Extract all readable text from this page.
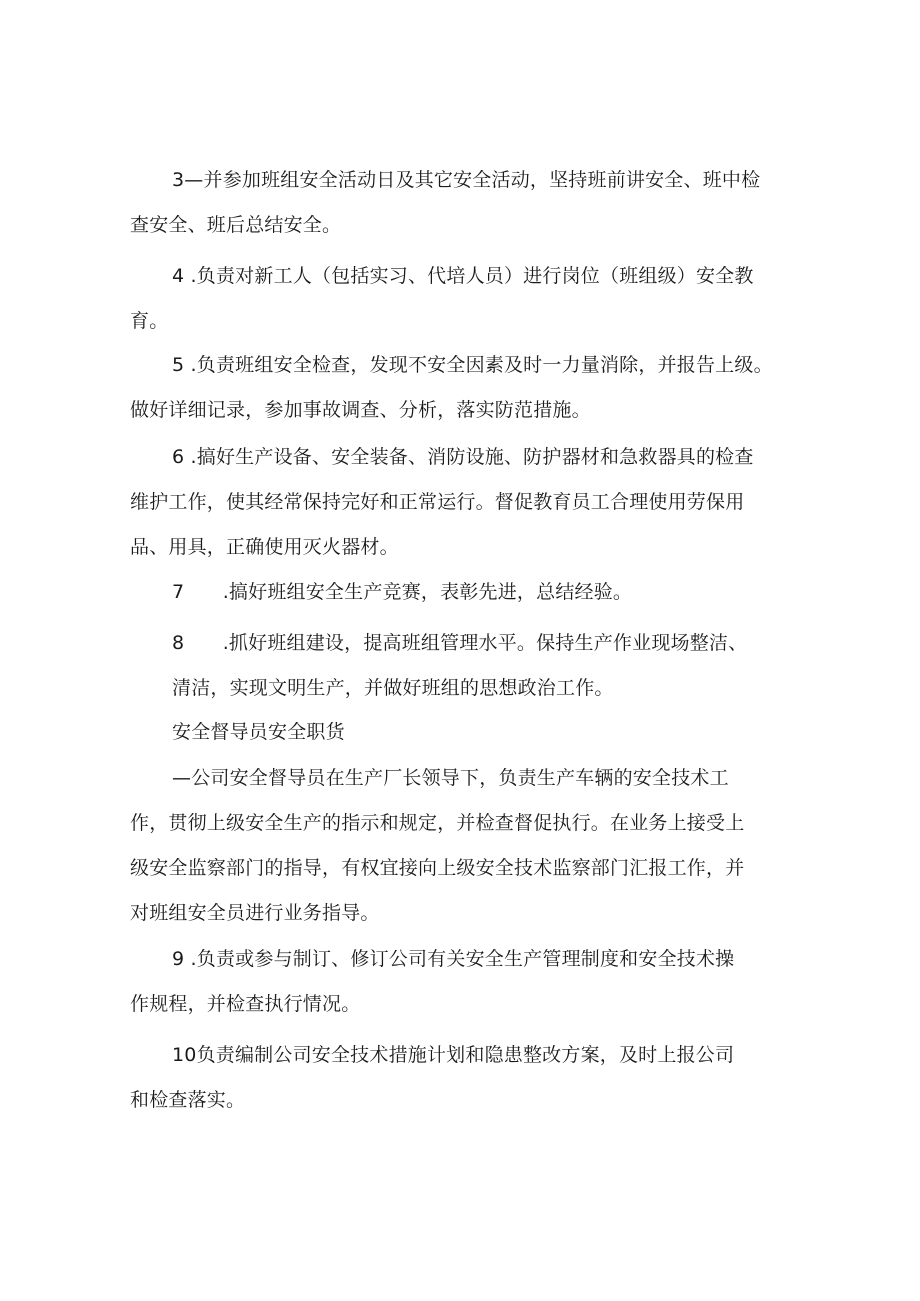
3—并参加班组安全活动日及其它安全活动，坚持班前讲安全、班中检
查安全、班后总结安全。
4 .负责对新工人（包括实习、代培人员）进行岗位（班组级）安全教
育。
5 .负责班组安全检查，发现不安全因素及时一力量消除，并报告上级。
做好详细记录，参加事故调查、分析，落实防范措施。
6 .搞好生产设备、安全装备、消防设施、防护器材和急救器具的检查
维护工作，使其经常保持完好和正常运行。督促教育员工合理使用劳保用
品、用具，正确使用灭火器材。
7　　.搞好班组安全生产竞赛，表彰先进，总结经验。
8　　.抓好班组建设，提高班组管理水平。保持生产作业现场整洁、
清洁，实现文明生产，并做好班组的思想政治工作。
安全督导员安全职货
—公司安全督导员在生产厂长领导下，负责生产车辆的安全技术工
作，贯彻上级安全生产的指示和规定，并检查督促执行。在业务上接受上
级安全监察部门的指导，有权宜接向上级安全技术监察部门汇报工作，并
对班组安全员进行业务指导。
9 .负责或参与制订、修订公司有关安全生产管理制度和安全技术操
作规程，并检查执行情况。
10负责编制公司安全技术措施计划和隐患整改方案，及时上报公司
和检查落实。
